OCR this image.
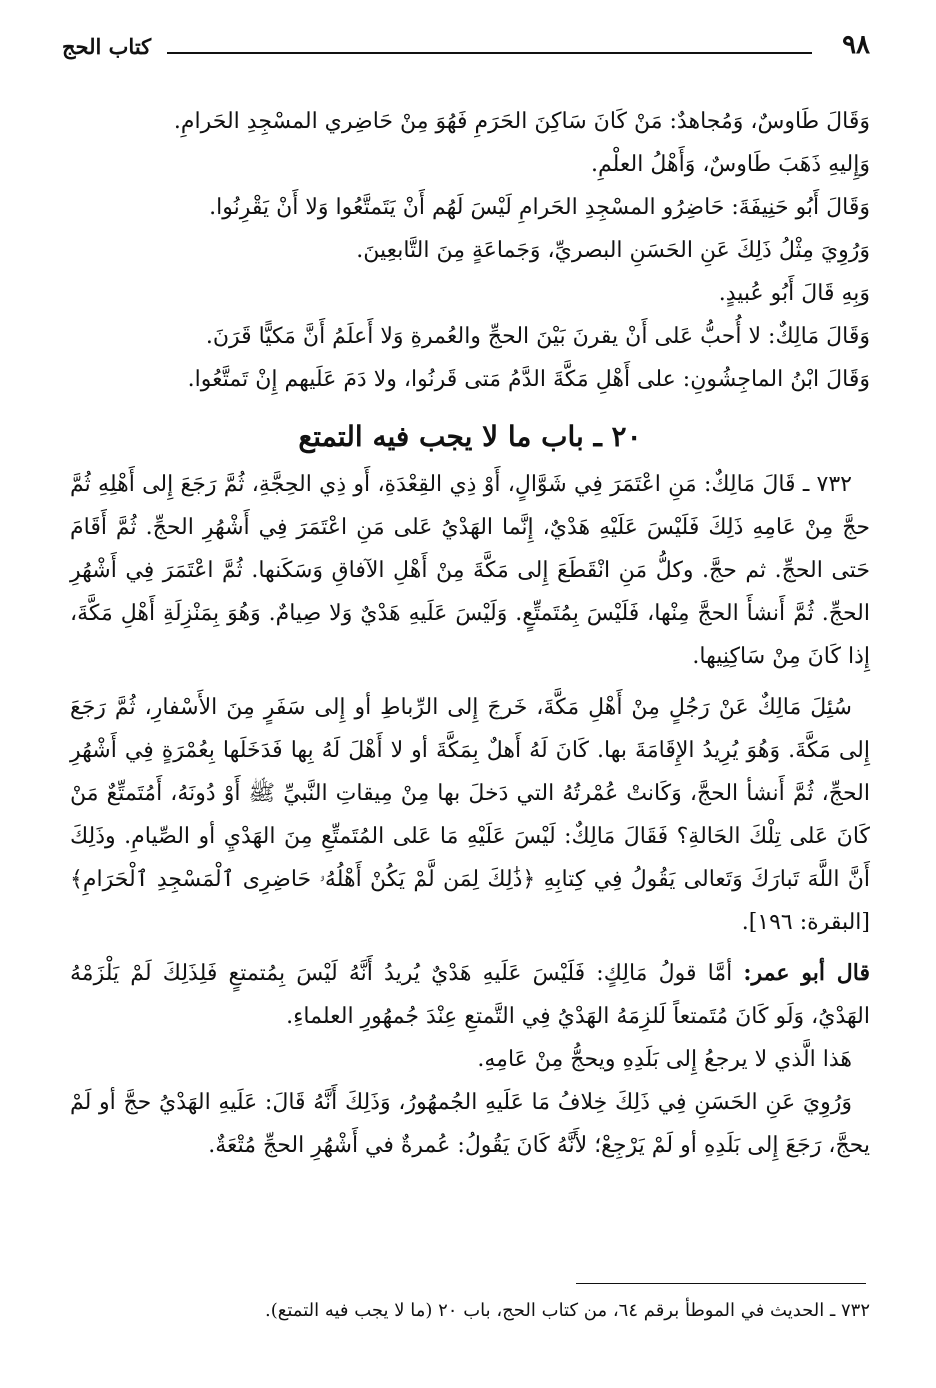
٩٨
كتاب الحج

وَقَالَ طَاوسٌ، وَمُجاهدٌ: مَنْ كَانَ سَاكِنَ الحَرَمِ فَهُوَ مِنْ حَاضِري المسْجِدِ الحَرامِ.

وَإِليهِ ذَهَبَ طَاوسٌ، وَأَهْلُ العلْمِ.

وَقَالَ أَبُو حَنِيفَةَ: حَاضِرُو المسْجِدِ الحَرامِ لَيْسَ لَهُم أَنْ يَتَمتَّعُوا وَلا أَنْ يَقْرِنُوا.

وَرُوِيَ مِثْلُ ذَلِكَ عَنِ الحَسَنِ البصريِّ، وَجَماعَةٍ مِنَ التَّابعِينَ.

وَبِهِ قَالَ أَبُو عُبيدٍ.

وَقَالَ مَالِكٌ: لا أُحبُّ عَلى أَنْ يقرنَ بَيْنَ الحجِّ والعُمرةِ وَلا أَعلَمُ أَنَّ مَكيًّا قَرَنَ.

وَقَالَ ابْنُ الماجِشُونِ: على أَهْلِ مَكَّةَ الدَّمُ مَتى قَرنُوا، ولا دَمَ عَلَيهم إِنْ تَمتَّعُوا.

٢٠ ـ باب ما لا يجب فيه التمتع

٧٣٢ ـ قَالَ مَالِكٌ: مَنِ اعْتَمَرَ فِي شَوَّالٍ، أَوْ ذِي القِعْدَةِ، أَو ذِي الحِجَّةِ، ثُمَّ رَجَعَ إِلى أَهْلِهِ ثُمَّ حجَّ مِنْ عَامِهِ ذَلِكَ فَلَيْسَ عَلَيْهِ هَدْيٌ، إِنَّما الهَدْيُ عَلى مَنِ اعْتَمَرَ فِي أَشْهُرِ الحجِّ. ثُمَّ أَقَامَ حَتى الحجِّ. ثم حجَّ. وكلُّ مَنِ انْقَطَعَ إِلى مَكَّةَ مِنْ أَهْلِ الآفاقِ وَسَكَنها. ثُمَّ اعْتَمَرَ فِي أَشْهُرِ الحجِّ. ثُمَّ أَنشأَ الحجَّ مِنْها، فَلَيْسَ بِمُتَمتِّعٍ. وَلَيْسَ عَلَيهِ هَدْيٌ وَلا صِيامٌ. وَهُوَ بِمَنْزِلَةِ أَهْلِ مَكَّةَ، إِذا كَانَ مِنْ سَاكِنِيها.

سُئِلَ مَالِكٌ عَنْ رَجُلٍ مِنْ أَهْلِ مَكَّةَ، خَرجَ إِلى الرِّباطِ أو إِلى سَفَرٍ مِنَ الأَسْفارِ، ثُمَّ رَجَعَ إِلى مَكَّةَ. وَهُوَ يُرِيدُ الإِقَامَةَ بها. كَانَ لَهُ أَهلٌ بِمَكَّةَ أو لا أَهْلَ لَهُ بِها فَدَخَلَها بِعُمْرَةٍ فِي أَشْهُرِ الحجِّ، ثُمَّ أَنشأ الحجَّ، وَكَانتْ عُمْرتُهُ التي دَخلَ بها مِنْ مِيقاتِ النَّبيِّ ﷺ أَوْ دُونَهُ، أَمُتَمتِّعٌ مَنْ كَانَ عَلى تِلْكَ الحَالةِ؟ فَقَالَ مَالِكٌ: لَيْسَ عَلَيْهِ مَا عَلى المُتَمتِّعِ مِنَ الهَدْيِ أو الصِّيامِ. وذَلِكَ أَنَّ اللَّهَ تَبارَكَ وَتَعالى يَقُولُ فِي كِتابِهِ ﴿ذَٰلِكَ لِمَن لَّمْ يَكُنْ أَهْلُهُۥ حَاضِرِى ٱلْمَسْجِدِ ٱلْحَرَامِ﴾ [البقرة: ١٩٦].

قال أبو عمر: أمَّا قولُ مَالِكٍ: فَلَيْسَ عَلَيهِ هَدْيٌ يُريدُ أَنَّهُ لَيْسَ بِمُتمتعٍ فَلِذَلِكَ لَمْ يَلْزَمْهُ الهَدْيُ، وَلَو كَانَ مُتَمتعاً لَلزِمَهُ الهَدْيُ فِي التَّمتعِ عِنْدَ جُمهُورِ العلماءِ.

هَذا الَّذي لا يرجعُ إِلى بَلَدِهِ ويحجُّ مِنْ عَامِهِ.

وَرُوِيَ عَنِ الحَسَنِ فِي ذَلِكَ خِلافُ مَا عَلَيهِ الجُمهُورُ، وَذَلِكَ أَنَّهُ قَالَ: عَلَيهِ الهَدْيُ حجَّ أو لَمْ يحجَّ، رَجَعَ إِلى بَلَدِهِ أو لَمْ يَرْجِعْ؛ لأَنَّهُ كَانَ يَقُولُ: عُمرةٌ في أَشْهُرِ الحجِّ مُتْعَةٌ.

٧٣٢ ـ الحديث في الموطأ برقم ٦٤، من كتاب الحج، باب ٢٠ (ما لا يجب فيه التمتع).
